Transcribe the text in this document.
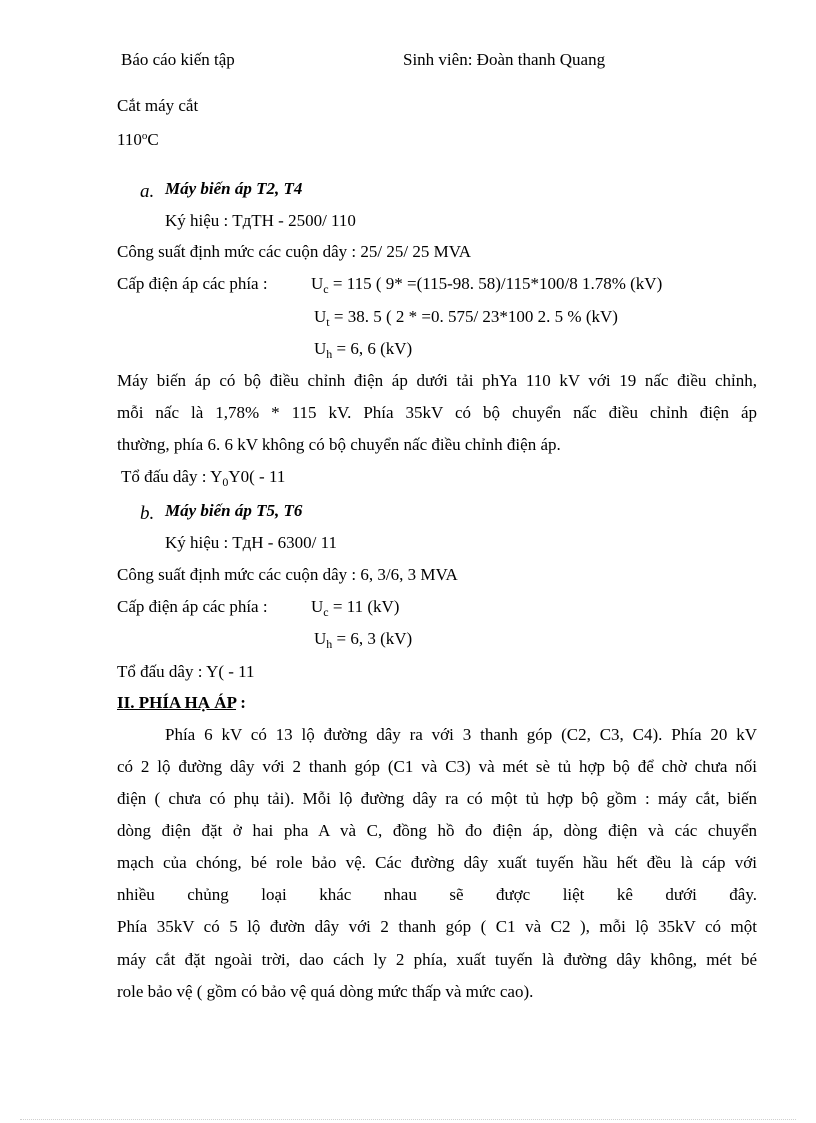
Báo cáo kiến tập	Sinh viên: Đoàn thanh Quang
Cắt máy cắt
110$^o$C
a. Máy biến áp T2, T4
Ký hiệu : TдTH - 2500/ 110
Công suất định mức các cuộn dây : 25/ 25/ 25 MVA
Cấp điện áp các phía :	$U_c = 115$ ( 9* =(115-98. 58)/115*100/8 1.78% (kV)
$U_t = 38$. 5 ( 2 * =0. 575/ 23*100 2. 5 % (kV)
$U_h = 6$, 6 (kV)
Máy biến áp có bộ điều chỉnh điện áp dưới tải phYa 110 kV với 19 nấc điều chỉnh,
mỗi nấc là 1,78% * 115 kV. Phía 35kV có bộ chuyển nấc điều chỉnh điện áp
thường, phía 6. 6 kV không có bộ chuyển nấc điều chỉnh điện áp.
Tổ đấu dây : $Y_0Y0( - 11$
b. Máy biến áp T5, T6
Ký hiệu : TдH - 6300/ 11
Công suất định mức các cuộn dây : 6, 3/6, 3 MVA
Cấp điện áp các phía :	$U_c = 11$ (kV)
$U_h = 6$, 3 (kV)
Tổ đấu dây : Y( - 11
II. PHÍA HẠ ÁP :
Phía 6 kV có 13 lộ đường dây ra với 3 thanh góp (C2, C3, C4). Phía 20 kV
có 2 lộ đường dây với 2 thanh góp (C1 và C3) và mét sè tủ hợp bộ để chờ chưa nối
điện ( chưa có phụ tải). Mỗi lộ đường dây ra có một tủ hợp bộ gồm : máy cắt, biến
dòng điện đặt ở hai pha A và C, đồng hồ đo điện áp, dòng điện và các chuyển
mạch của chóng, bé role bảo vệ. Các đường dây xuất tuyến hầu hết đều là cáp với
nhiều chủng loại khác nhau sẽ được liệt kê dưới đây.
Phía 35kV có 5 lộ đườn dây với 2 thanh góp ( C1 và C2 ), mỗi lộ 35kV có một
máy cắt đặt ngoài trời, dao cách ly 2 phía, xuất tuyến là đường dây không, mét bé
role bảo vệ ( gồm có bảo vệ quá dòng mức thấp và mức cao).
